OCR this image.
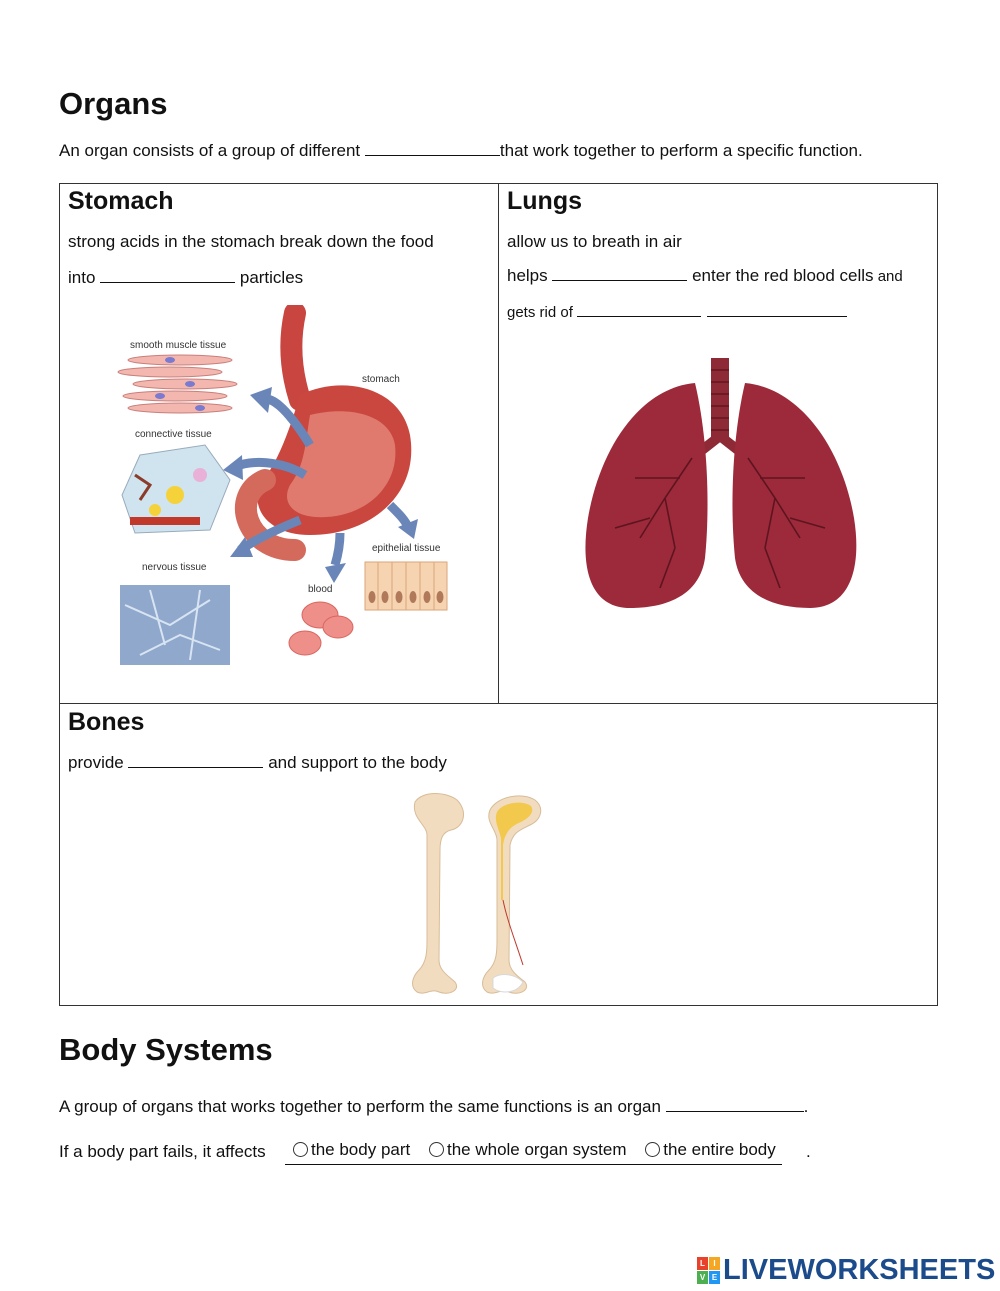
Organs
An organ consists of a group of different	that work together to perform a specific function.
Stomach
strong acids in the stomach break down the food
into	particles
smooth muscle tissue
connective tissue
stomach
epithelial tissue
nervous tissue
blood
Lungs
allow us to breath in air
helps	enter the red blood cells and
gets rid of
Bones
provide	and support to the body
Body Systems
A group of organs that works together to perform the same functions is an organ	.
If a body part fails, it affects	the body part the whole organ system the entire body	.
L	I
V E LIVEWORKSHEETS
